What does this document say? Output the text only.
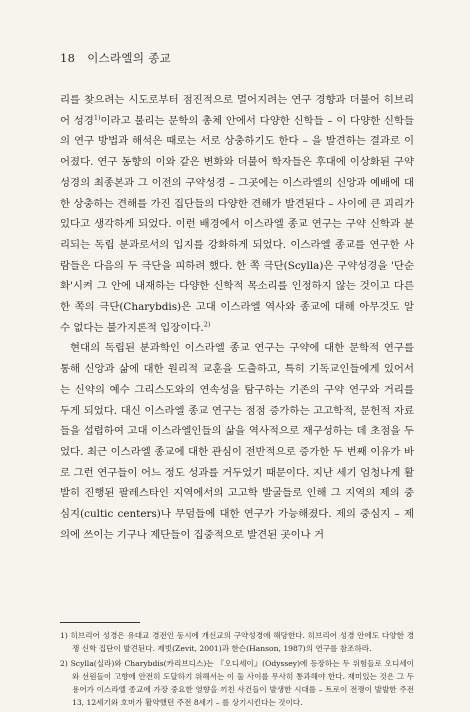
18 이스라엘의 종교

리를 찾으려는 시도로부터 점진적으로 멀어지려는 연구 경향과 더불어 히브리어 성경$^{1)}$이라고 불리는 문학의 총체 안에서 다양한 신학들 – 이 다양한 신학들의 연구 방법과 해석은 때로는 서로 상충하기도 한다 – 을 발견하는 결과로 이어졌다. 연구 동향의 이와 같은 변화와 더불어 학자들은 후대에 이상화된 구약성경의 최종본과 그 이전의 구약성경 – 그곳에는 이스라엘의 신앙과 예배에 대한 상충하는 견해를 가진 집단들의 다양한 견해가 발견된다 – 사이에 큰 괴리가 있다고 생각하게 되었다. 이런 배경에서 이스라엘 종교 연구는 구약 신학과 분리되는 독립 분과로서의 입지를 강화하게 되었다. 이스라엘 종교를 연구한 사람들은 다음의 두 극단을 피하려 했다. 한 쪽 극단(Scylla)은 구약성경을 '단순화'시켜 그 안에 내재하는 다양한 신학적 목소리를 인정하지 않는 것이고 다른 한 쪽의 극단(Charybdis)은 고대 이스라엘 역사와 종교에 대해 아무것도 알 수 없다는 불가지론적 입장이다.$^{2)}$

현대의 독립된 분과학인 이스라엘 종교 연구는 구약에 대한 문학적 연구를 통해 신앙과 삶에 대한 원리적 교훈을 도출하고, 특히 기독교인들에게 있어서는 신약의 예수 그리스도와의 연속성을 탐구하는 기존의 구약 연구와 거리를 두게 되었다. 대신 이스라엘 종교 연구는 점점 증가하는 고고학적, 문헌적 자료들을 섭렵하여 고대 이스라엘인들의 삶을 역사적으로 재구성하는 데 초점을 두었다. 최근 이스라엘 종교에 대한 관심이 전반적으로 증가한 두 번째 이유가 바로 그런 연구들이 어느 정도 성과를 거두었기 때문이다. 지난 세기 엄청나게 활발히 진행된 팔레스타인 지역에서의 고고학 발굴들로 인해 그 지역의 제의 중심지(cultic centers)나 무덤들에 대한 연구가 가능해졌다. 제의 중심지 – 제의에 쓰이는 기구나 제단들이 집중적으로 발견된 곳이나 거

1) 히브리어 성경은 유대교 경전인 동시에 개신교의 구약성경에 해당한다. 히브리어 성경 안에도 다양한 경쟁 신학 집단이 발견된다. 제빗(Zevit, 2001)과 한슨(Hanson, 1987)의 연구를 참조하라.

2) Scylla(실라)와 Charybdis(카리브디스)는 『오디세이』(Odyssey)에 등장하는 두 위험들로 오디세이와 선원들이 고향에 안전히 도달하기 위해서는 이 둘 사이를 무사히 통과해야 한다. 재미있는 것은 그 두 용어가 이스라엘 종교에 가장 중요한 영향을 끼친 사건들이 발생한 시대를 – 트로이 전쟁이 발발한 주전 13, 12세기와 호머가 활약했던 주전 8세기 – 를 상기시킨다는 것이다.
